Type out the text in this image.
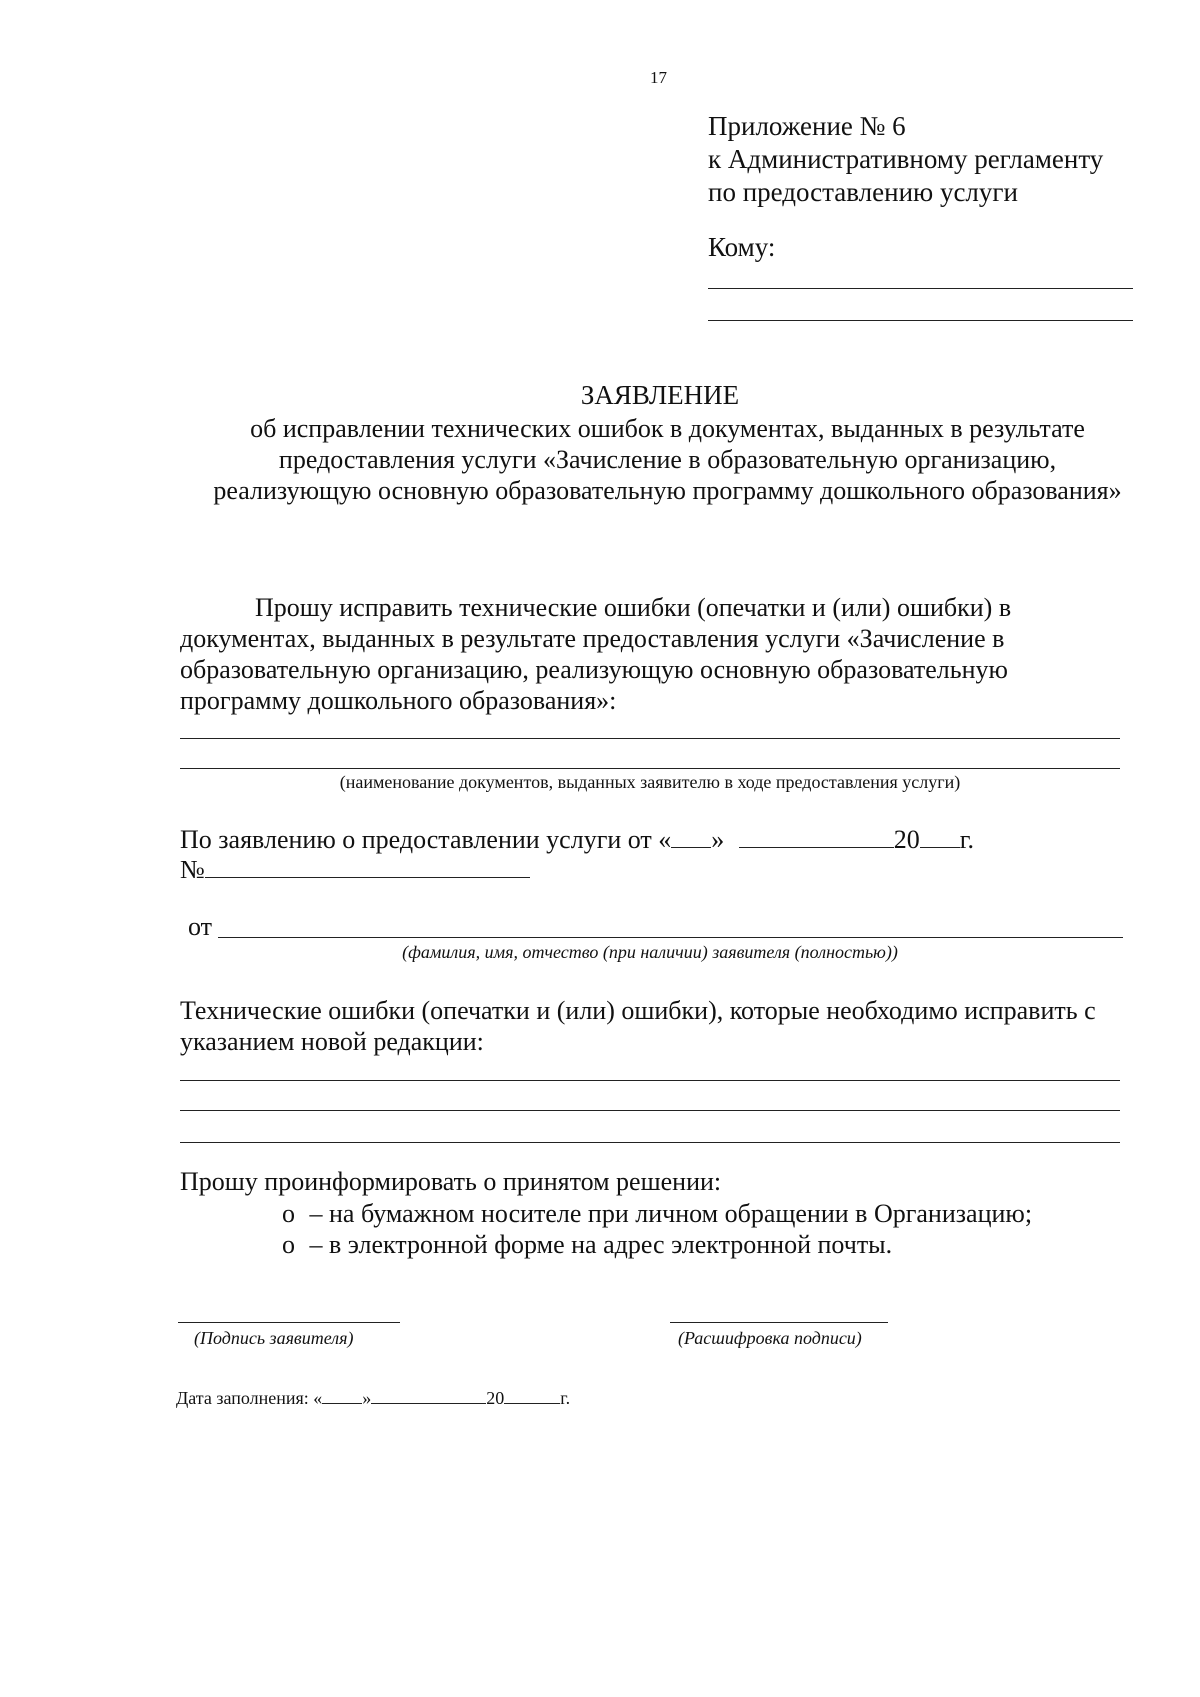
17
Приложение № 6
к Административному регламенту
по предоставлению услуги
Кому:
ЗАЯВЛЕНИЕ
об исправлении технических ошибок в документах, выданных в результате предоставления услуги «Зачисление в образовательную организацию, реализующую основную образовательную программу дошкольного образования»
Прошу исправить технические ошибки (опечатки и (или) ошибки) в документах, выданных в результате предоставления услуги «Зачисление в образовательную организацию, реализующую основную образовательную программу дошкольного образования»:
(наименование документов, выданных заявителю в ходе предоставления услуги)
По заявлению о предоставлении услуги от « »	20 г.
№
от
(фамилия, имя, отчество (при наличии) заявителя (полностью))
Технические ошибки (опечатки и (или) ошибки), которые необходимо исправить с указанием новой редакции:
Прошу проинформировать о принятом решении:
o – на бумажном носителе при личном обращении в Организацию;
o – в электронной форме на адрес электронной почты.
(Подпись заявителя)	(Расшифровка подписи)
Дата заполнения: « »	20	г.
